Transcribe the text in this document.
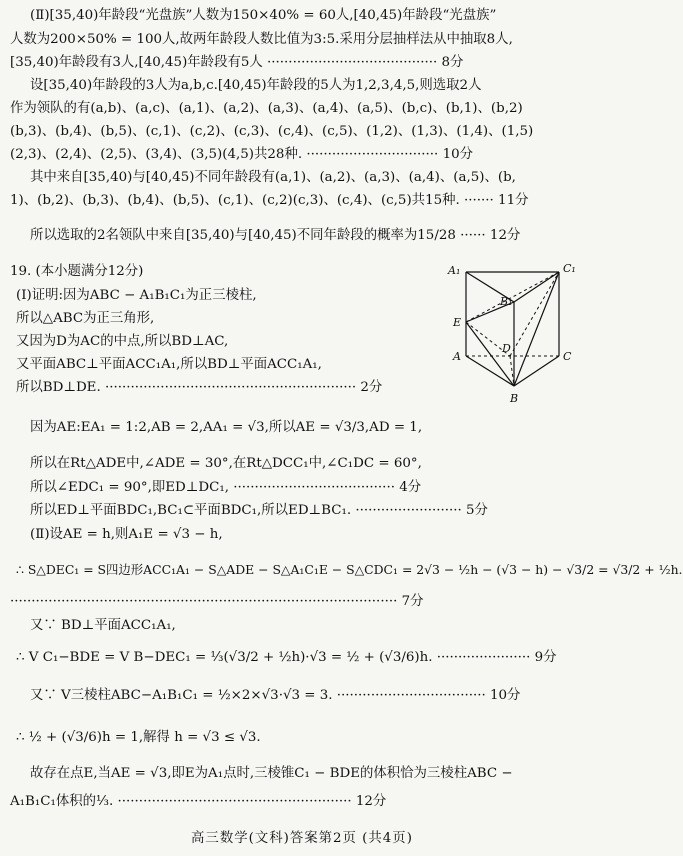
(Ⅱ)[35,40)年龄段“光盘族”人数为150×40% = 60人,[40,45)年龄段“光盘族”
人数为200×50% = 100人,故两年龄段人数比值为3:5.采用分层抽样法从中抽取8人,
[35,40)年龄段有3人,[40,45)年龄段有5人 ········································ 8分
设[35,40)年龄段的3人为a,b,c.[40,45)年龄段的5人为1,2,3,4,5,则选取2人
作为领队的有(a,b)、(a,c)、(a,1)、(a,2)、(a,3)、(a,4)、(a,5)、(b,c)、(b,1)、(b,2)
(b,3)、(b,4)、(b,5)、(c,1)、(c,2)、(c,3)、(c,4)、(c,5)、(1,2)、(1,3)、(1,4)、(1,5)
(2,3)、(2,4)、(2,5)、(3,4)、(3,5)(4,5)共28种. ······························· 10分
其中来自[35,40)与[40,45)不同年龄段有(a,1)、(a,2)、(a,3)、(a,4)、(a,5)、(b,
1)、(b,2)、(b,3)、(b,4)、(b,5)、(c,1)、(c,2)(c,3)、(c,4)、(c,5)共15种. ······· 11分
所以选取的2名领队中来自[35,40)与[40,45)不同年龄段的概率为15/28 ······ 12分
19. (本小题满分12分)
(Ⅰ)证明:因为ABC − A₁B₁C₁为正三棱柱,
所以△ABC为正三角形,
又因为D为AC的中点,所以BD⊥AC,
又平面ABC⊥平面ACC₁A₁,所以BD⊥平面ACC₁A₁,
所以BD⊥DE. ··························································· 2分
A₁	C₁
B₁
E
D
A	C
B
因为AE:EA₁ = 1:2,AB = 2,AA₁ = √3,所以AE = √3/3,AD = 1,
所以在Rt△ADE中,∠ADE = 30°,在Rt△DCC₁中,∠C₁DC = 60°,
所以∠EDC₁ = 90°,即ED⊥DC₁, ······································ 4分
所以ED⊥平面BDC₁,BC₁⊂平面BDC₁,所以ED⊥BC₁. ························· 5分
(Ⅱ)设AE = h,则A₁E = √3 − h,
∴ S△DEC₁ = S四边形ACC₁A₁ − S△ADE − S△A₁C₁E − S△CDC₁ = 2√3 − ½h − (√3 − h) − √3/2 = √3/2 + ½h.
··························································································· 7分
又∵ BD⊥平面ACC₁A₁,
∴ V C₁−BDE = V B−DEC₁ = ⅓(√3/2 + ½h)·√3 = ½ + (√3/6)h. ······················ 9分
又∵ V三棱柱ABC−A₁B₁C₁ = ½×2×√3·√3 = 3. ··································· 10分
∴ ½ + (√3/6)h = 1,解得 h = √3 ≤ √3.
故存在点E,当AE = √3,即E为A₁点时,三棱锥C₁ − BDE的体积恰为三棱柱ABC −
A₁B₁C₁体积的⅓. ······················································· 12分
高三数学(文科)答案第2页 (共4页)
